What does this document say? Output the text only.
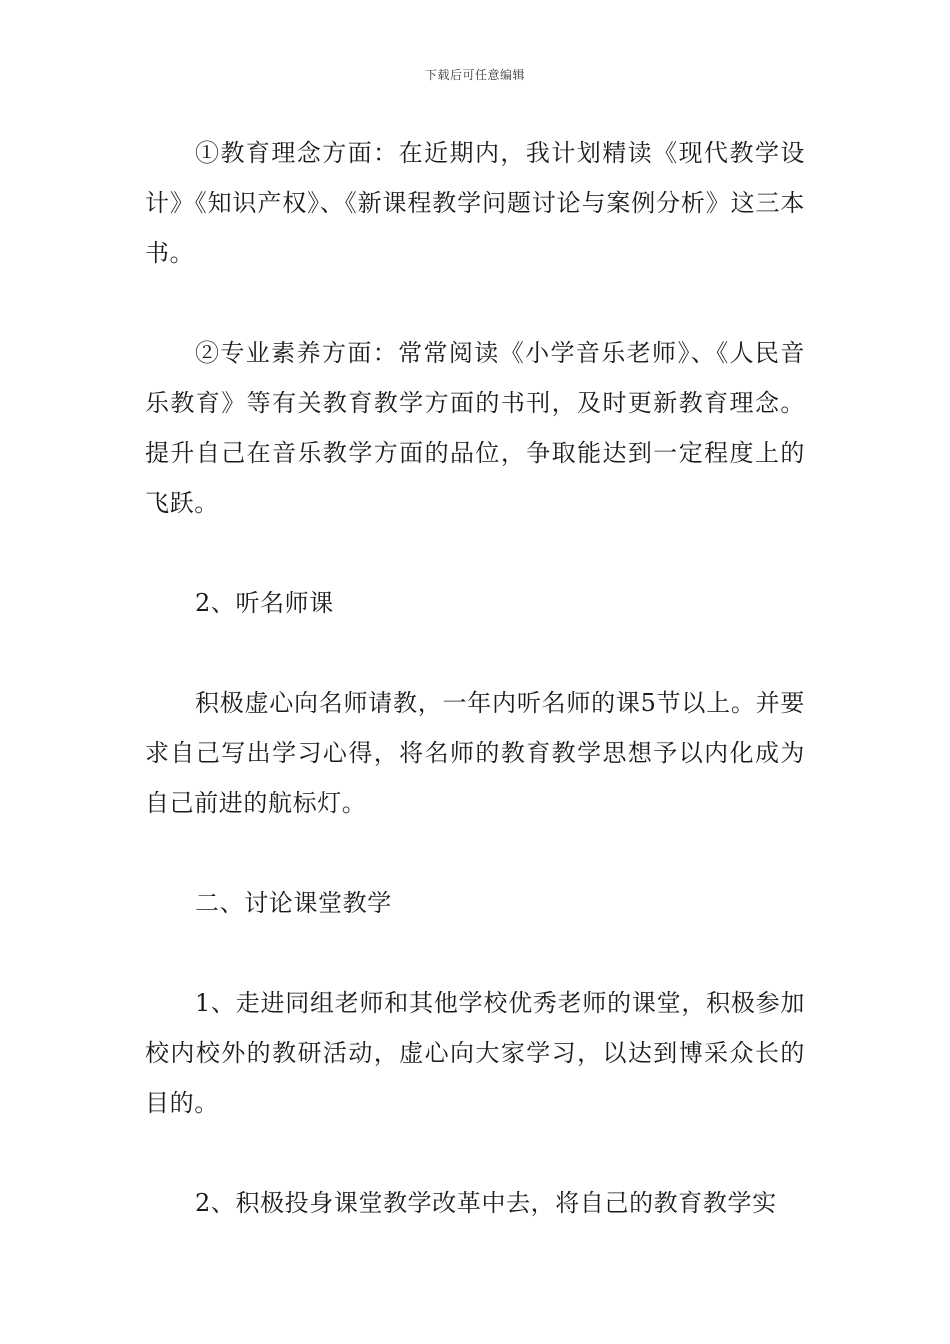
下载后可任意编辑

①教育理念方面：在近期内，我计划精读《现代教学设计》《知识产权》、《新课程教学问题讨论与案例分析》这三本书。

②专业素养方面：常常阅读《小学音乐老师》、《人民音乐教育》等有关教育教学方面的书刊，及时更新教育理念。提升自己在音乐教学方面的品位，争取能达到一定程度上的飞跃。

2、听名师课

积极虚心向名师请教，一年内听名师的课5节以上。并要求自己写出学习心得，将名师的教育教学思想予以内化成为自己前进的航标灯。

二、讨论课堂教学

1、走进同组老师和其他学校优秀老师的课堂，积极参加校内校外的教研活动，虚心向大家学习，以达到博采众长的目的。

2、积极投身课堂教学改革中去，将自己的教育教学实
